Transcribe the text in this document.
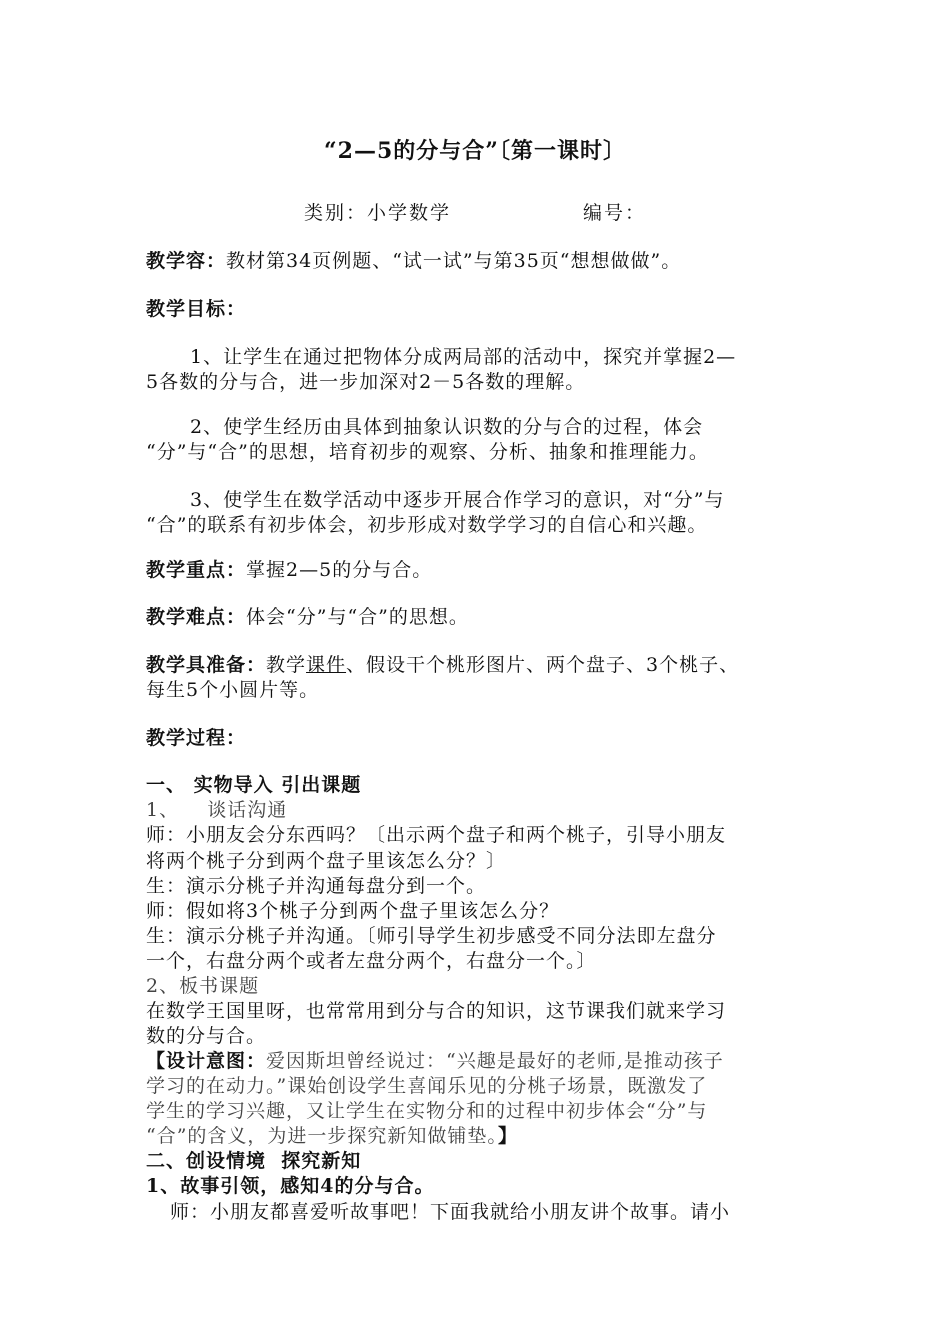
“2—5的分与合”〔第一课时〕
类别：小学数学	编号：
教学容：教材第34页例题、“试一试”与第35页“想想做做”。
教学目标：
1、让学生在通过把物体分成两局部的活动中，探究并掌握2—
5各数的分与合，进一步加深对2－5各数的理解。
2、使学生经历由具体到抽象认识数的分与合的过程，体会
“分”与“合”的思想，培育初步的观察、分析、抽象和推理能力。
3、使学生在数学活动中逐步开展合作学习的意识，对“分”与
“合”的联系有初步体会，初步形成对数学学习的自信心和兴趣。
教学重点：掌握2—5的分与合。
教学难点：体会“分”与“合”的思想。
教学具准备：教学课件、假设干个桃形图片、两个盘子、3个桃子、
每生5个小圆片等。
教学过程：
一、 实物导入 引出课题
1、    谈话沟通
师：小朋友会分东西吗？〔出示两个盘子和两个桃子，引导小朋友
将两个桃子分到两个盘子里该怎么分？〕
生：演示分桃子并沟通每盘分到一个。
师：假如将3个桃子分到两个盘子里该怎么分？
生：演示分桃子并沟通。〔师引导学生初步感受不同分法即左盘分
一个，右盘分两个或者左盘分两个，右盘分一个。〕
2、板书课题
在数学王国里呀，也常常用到分与合的知识，这节课我们就来学习
数的分与合。
【设计意图：爱因斯坦曾经说过：“兴趣是最好的老师,是推动孩子
学习的在动力。”课始创设学生喜闻乐见的分桃子场景，既激发了
学生的学习兴趣，又让学生在实物分和的过程中初步体会“分”与
“合”的含义，为进一步探究新知做铺垫。】
二、创设情境  探究新知
1、故事引领，感知4的分与合。
师：小朋友都喜爱听故事吧！下面我就给小朋友讲个故事。请小
